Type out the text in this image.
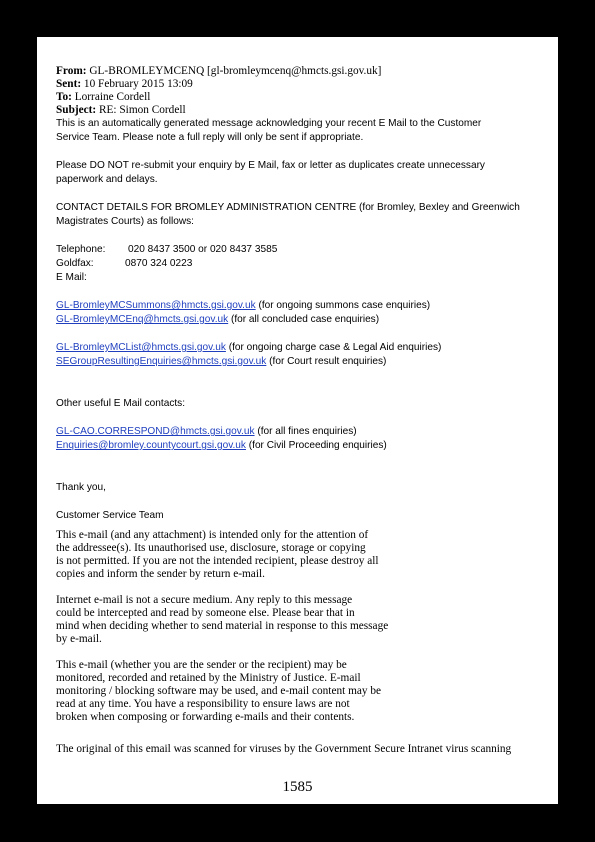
From: GL-BROMLEYMCENQ [gl-bromleymcenq@hmcts.gsi.gov.uk]
Sent: 10 February 2015 13:09
To: Lorraine Cordell
Subject: RE: Simon Cordell
This is an automatically generated message acknowledging your recent E Mail to the Customer
Service Team. Please note a full reply will only be sent if appropriate.
Please DO NOT re-submit your enquiry by E Mail, fax or letter as duplicates create unnecessary
paperwork and delays.
CONTACT DETAILS FOR BROMLEY ADMINISTRATION CENTRE (for Bromley, Bexley and Greenwich
Magistrates Courts) as follows:
Telephone: 020 8437 3500 or 020 8437 3585
Goldfax:	0870 324 0223
E Mail:
GL-BromleyMCSummons@hmcts.gsi.gov.uk (for ongoing summons case enquiries)
GL-BromleyMCEnq@hmcts.gsi.gov.uk (for all concluded case enquiries)
GL-BromleyMCList@hmcts.gsi.gov.uk (for ongoing charge case & Legal Aid enquiries)
SEGroupResultingEnquiries@hmcts.gsi.gov.uk (for Court result enquiries)
Other useful E Mail contacts:
GL-CAO.CORRESPOND@hmcts.gsi.gov.uk (for all fines enquiries)
Enquiries@bromley.countycourt.gsi.gov.uk (for Civil Proceeding enquiries)
Thank you,
Customer Service Team
This e-mail (and any attachment) is intended only for the attention of
the addressee(s). Its unauthorised use, disclosure, storage or copying
is not permitted. If you are not the intended recipient, please destroy all
copies and inform the sender by return e-mail.
Internet e-mail is not a secure medium. Any reply to this message
could be intercepted and read by someone else. Please bear that in
mind when deciding whether to send material in response to this message
by e-mail.
This e-mail (whether you are the sender or the recipient) may be
monitored, recorded and retained by the Ministry of Justice. E-mail
monitoring / blocking software may be used, and e-mail content may be
read at any time. You have a responsibility to ensure laws are not
broken when composing or forwarding e-mails and their contents.
The original of this email was scanned for viruses by the Government Secure Intranet virus scanning
1585
